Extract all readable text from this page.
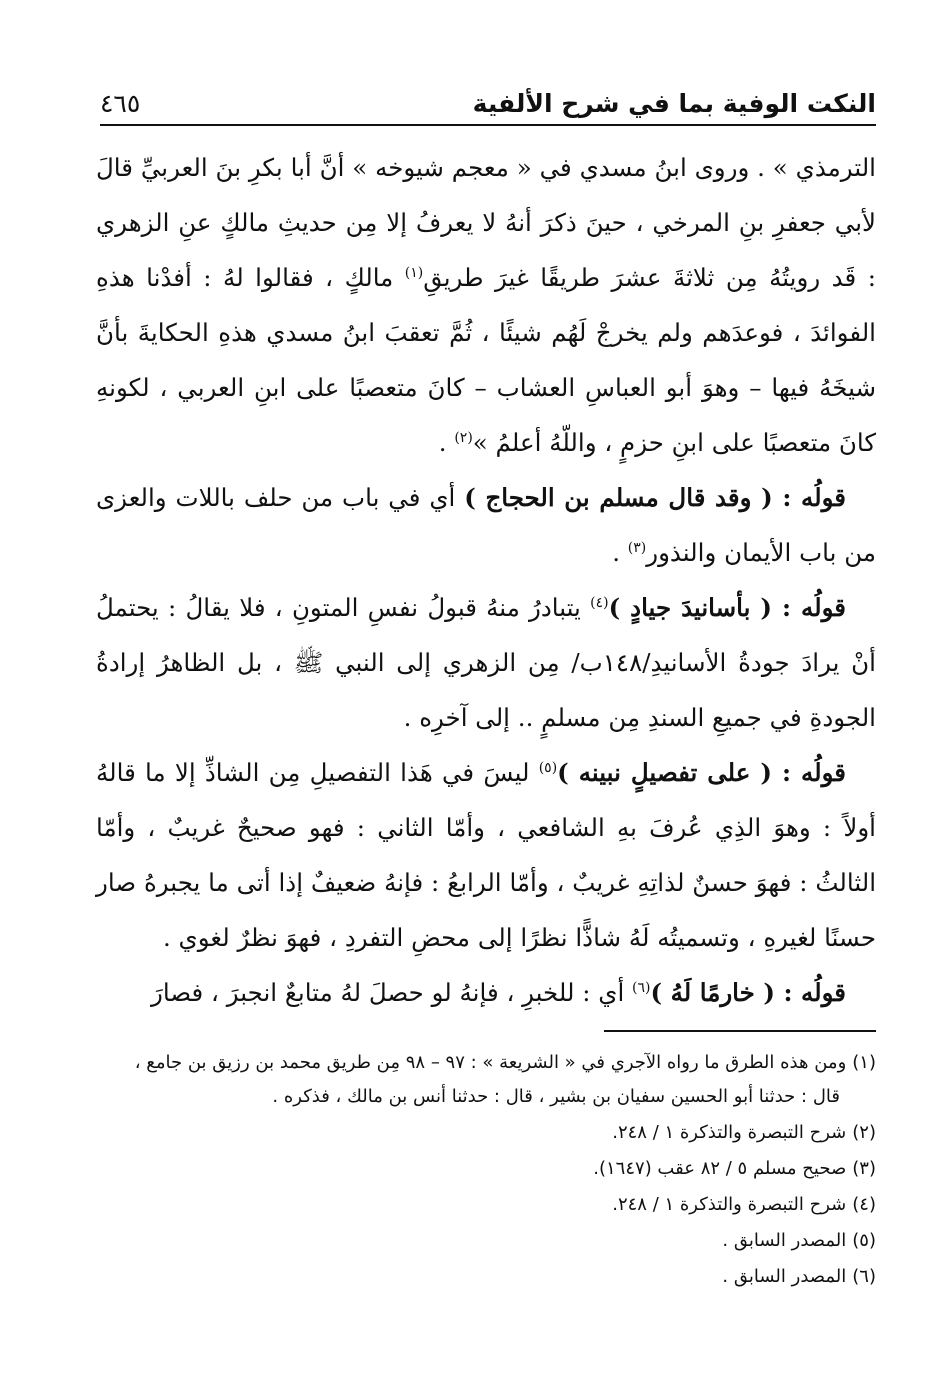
النكت الوفية بما في شرح الألفية
٤٦٥

الترمذي » . وروى ابنُ مسدي في « معجم شيوخه » أنَّ أبا بكرِ بنَ العربيِّ قالَ لأبي جعفرِ بنِ المرخي ، حينَ ذكرَ أنهُ لا يعرفُ إلا مِن حديثِ مالكٍ عنِ الزهري : قَد رويتُهُ مِن ثلاثةَ عشرَ طريقًا غيرَ طريقِ$^{(١)}$ مالكٍ ، فقالوا لهُ : أفدْنا هذهِ الفوائدَ ، فوعدَهم ولم يخرجْ لَهُم شيئًا ، ثُمَّ تعقبَ ابنُ مسدي هذهِ الحكايةَ بأنَّ شيخَهُ فيها – وهوَ أبو العباسِ العشاب – كانَ متعصبًا على ابنِ العربي ، لكونهِ كانَ متعصبًا على ابنِ حزمٍ ، واللّهُ أعلمُ »$^{(٢)}$ .

قولُه : ( وقد قال مسلم بن الحجاج ) أي في باب من حلف باللات والعزى من باب الأيمان والنذور$^{(٣)}$ .

قولُه : ( بأسانيدَ جيادٍ )$^{(٤)}$ يتبادرُ منهُ قبولُ نفسِ المتونِ ، فلا يقالُ : يحتملُ أنْ يرادَ جودةُ الأسانيدِ/١٤٨ب/ مِن الزهري إلى النبي ﷺ ، بل الظاهرُ إرادةُ الجودةِ في جميعِ السندِ مِن مسلمٍ .. إلى آخرِه .

قولُه : ( على تفصيلٍ نبينه )$^{(٥)}$ ليسَ في هَذا التفصيلِ مِن الشاذِّ إلا ما قالهُ أولاً : وهوَ الذِي عُرفَ بهِ الشافعي ، وأمّا الثاني : فهو صحيحٌ غريبٌ ، وأمّا الثالثُ : فهوَ حسنٌ لذاتِهِ غريبٌ ، وأمّا الرابعُ : فإنهُ ضعيفٌ إذا أتى ما يجبرهُ صار حسنًا لغيرهِ ، وتسميتُه لَهُ شاذًّا نظرًا إلى محضِ التفردِ ، فهوَ نظرٌ لغوي .

قولُه : ( خارمًا لَهُ )$^{(٦)}$ أي : للخبرِ ، فإنهُ لو حصلَ لهُ متابعٌ انجبرَ ، فصارَ

(١)ومن هذه الطرق ما رواه الآجري في « الشريعة » : ٩٧ – ٩٨ مِن طريق محمد بن رزيق بن جامع ،
قال : حدثنا أبو الحسين سفيان بن بشير ، قال : حدثنا أنس بن مالك ، فذكره .

(٢)شرح التبصرة والتذكرة ١ / ٢٤٨.

(٣)صحيح مسلم ٥ / ٨٢ عقب (١٦٤٧).

(٤)شرح التبصرة والتذكرة ١ / ٢٤٨.

(٥)المصدر السابق .

(٦)المصدر السابق .
